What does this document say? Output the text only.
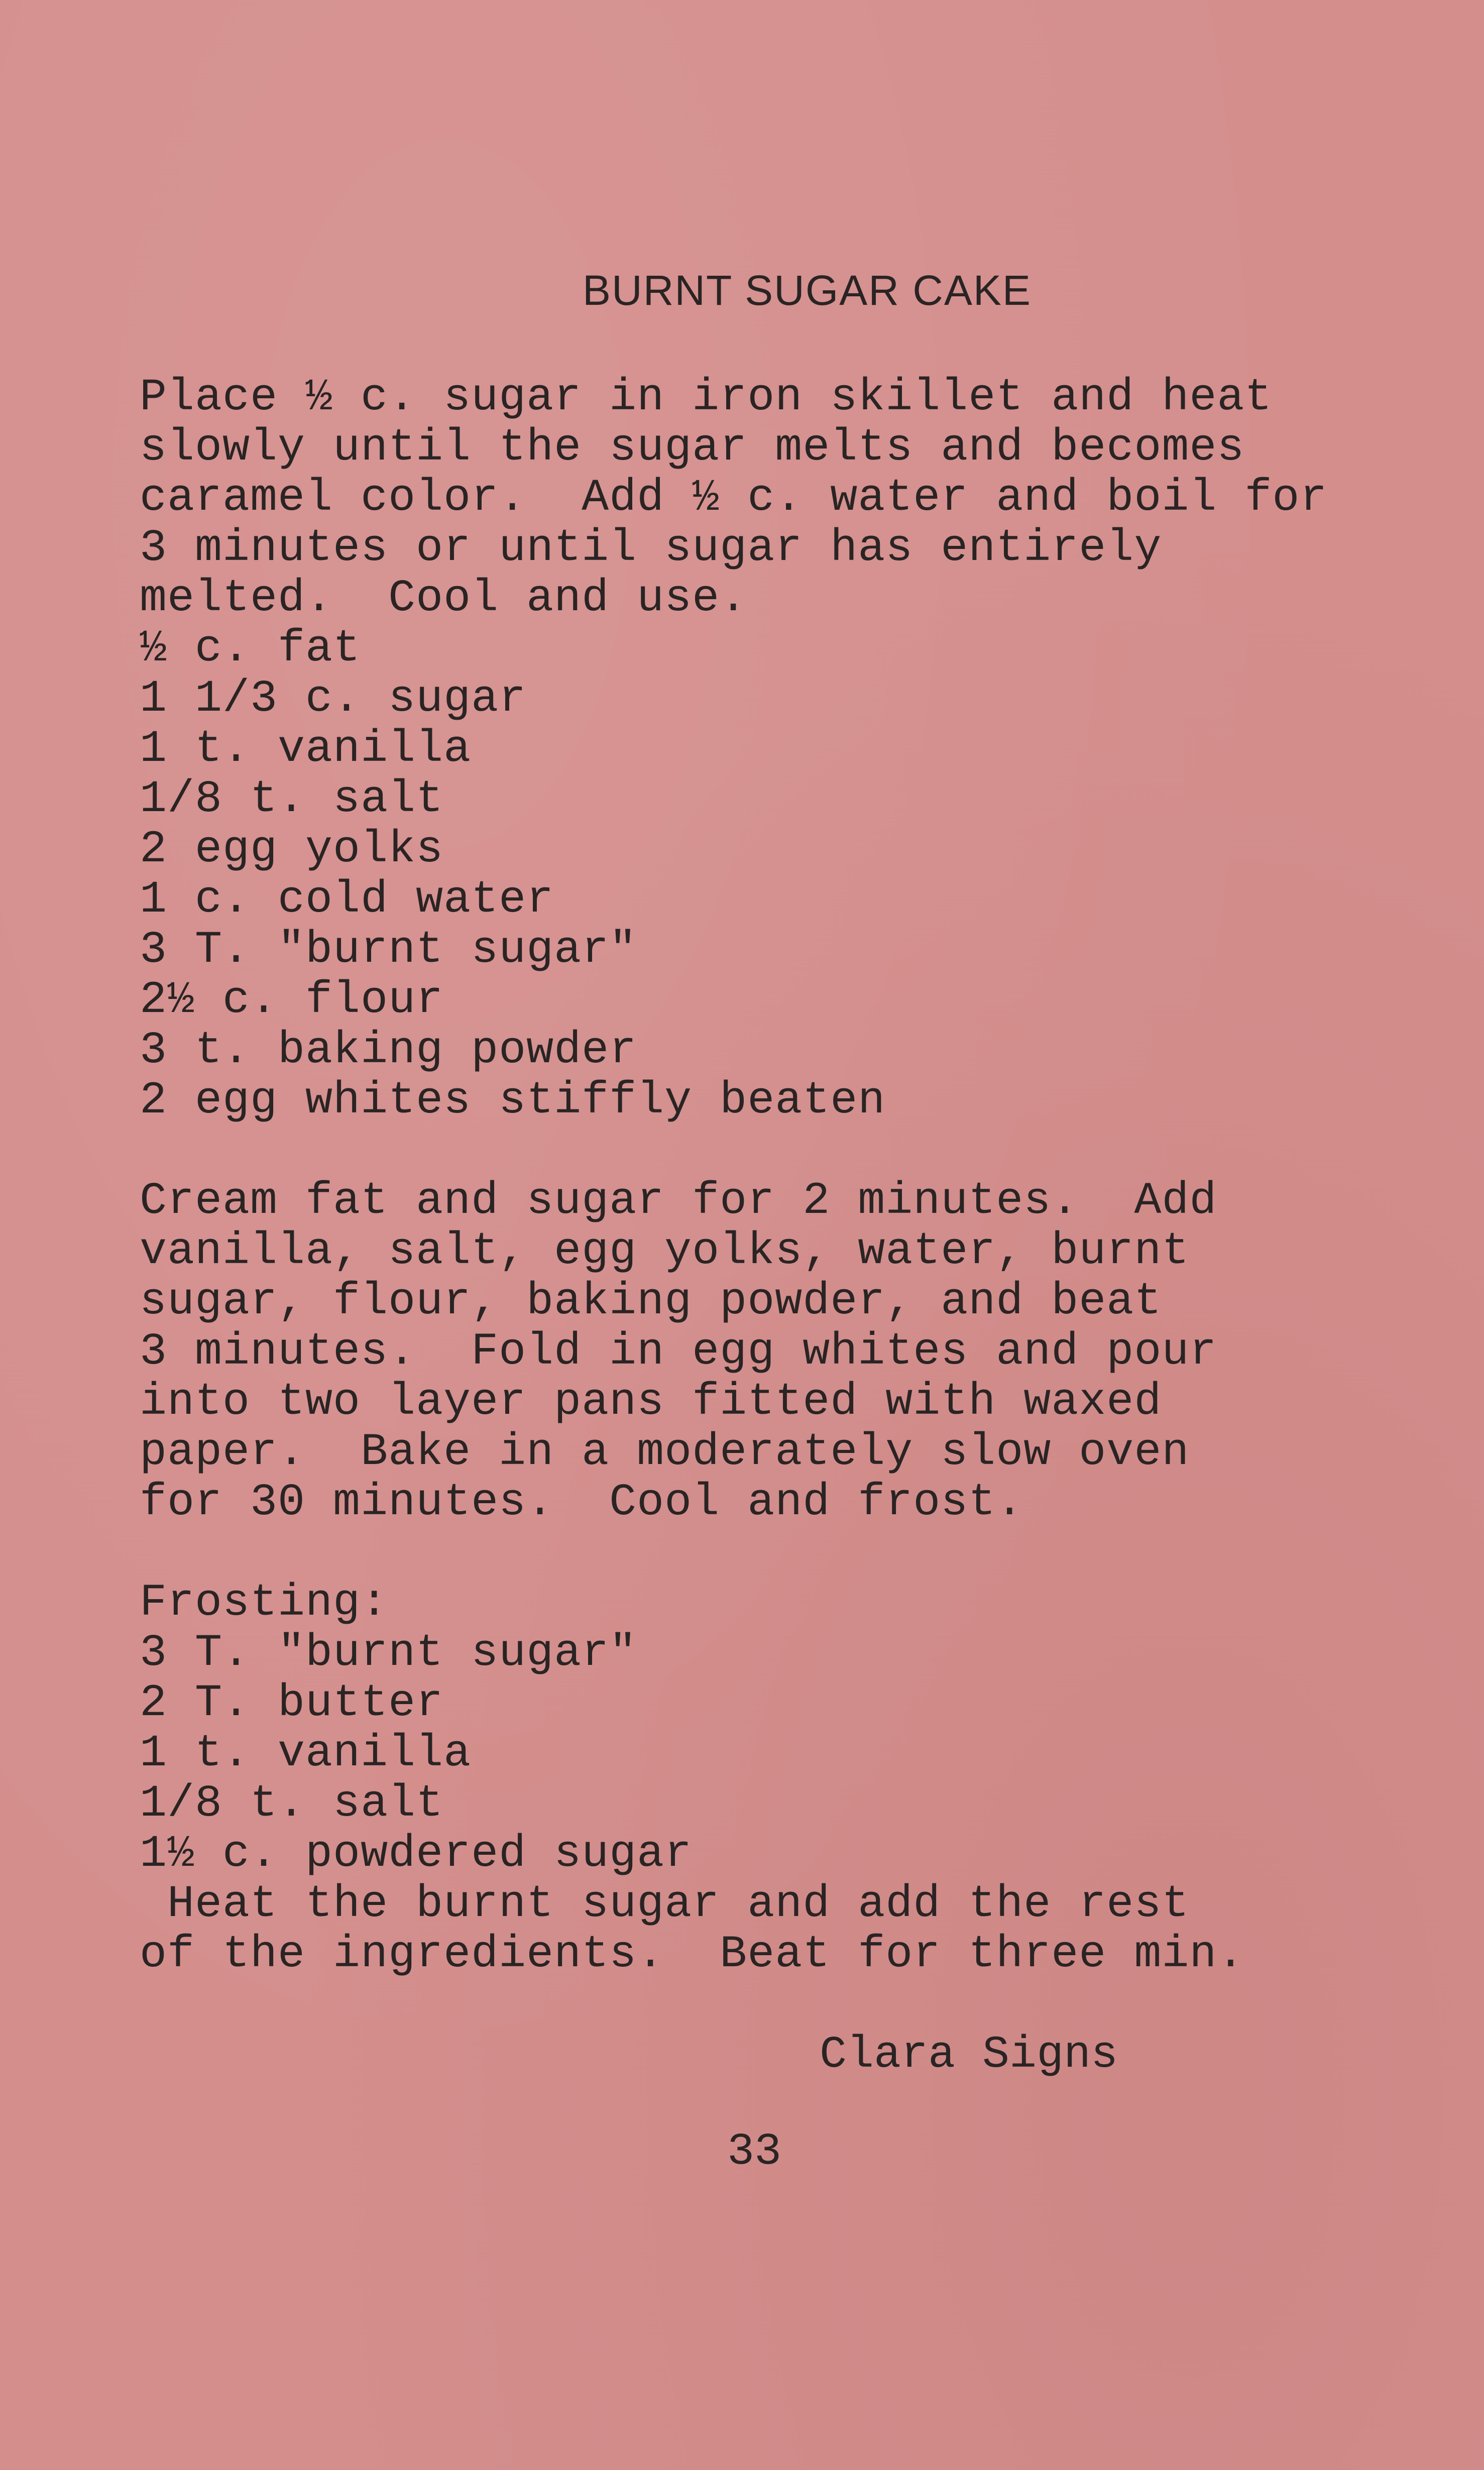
BURNT SUGAR CAKE
Place ½ c. sugar in iron skillet and heat
slowly until the sugar melts and becomes
caramel color.  Add ½ c. water and boil for
3 minutes or until sugar has entirely
melted.  Cool and use.
½ c. fat
1 1/3 c. sugar
1 t. vanilla
1/8 t. salt
2 egg yolks
1 c. cold water
3 T. "burnt sugar"
2½ c. flour
3 t. baking powder
2 egg whites stiffly beaten
Cream fat and sugar for 2 minutes.  Add
vanilla, salt, egg yolks, water, burnt
sugar, flour, baking powder, and beat
3 minutes.  Fold in egg whites and pour
into two layer pans fitted with waxed
paper.  Bake in a moderately slow oven
for 30 minutes.  Cool and frost.
Frosting:
3 T. "burnt sugar"
2 T. butter
1 t. vanilla
1/8 t. salt
1½ c. powdered sugar
Heat the burnt sugar and add the rest
of the ingredients.  Beat for three min.
Clara Signs
33
